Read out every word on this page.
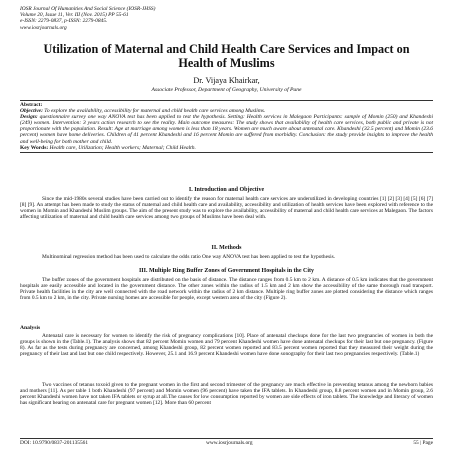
IOSR Journal Of Humanities And Social Science (IOSR-JHSS)
Volume 20, Issue 11, Ver. III (Nov. 2015) PP 55-61
e-ISSN: 2279-0837, p-ISSN: 2279-0845.
www.iosrjournals.org
Utilization of Maternal and Child Health Care Services and Impact on Health of Muslims
Dr. Vijaya Khairkar,
Associate Professor, Department of Geography, University of Pune

Abstract:

Objective: To explore the availability, accessibility for maternal and child health care services among Muslims.

Design: questionnaire survey one way ANOVA test has been applied to test the hypothesis. Setting: Health services in Malegaon Participants: sample of Momin (250) and Khandeshi (249) women. Intervention: 3 years action research to see the reality. Main outcome measures: The study shows that availability of health care services, both public and private is not proportionate with the population. Result: Age at marriage among women is less than 18 years. Women are much aware about antenatal care. Khandeshi (32.5 percent) and Momin (23.6 percent) women have home deliveries. Children of 41 percent Khandeshi and 16 percent Momin are suffered from morbidity. Conclusion: the study provide insights to improve the health and well-being for both mother and child.

Key Words: Health care, Utilization; Health workers; Maternal; Child Health.

I. Introduction and Objective

Since the mid-1980s several studies have been carried out to identify the reason for maternal health care services are underutilized in developing countries [1] [2] [3] [4] [5] [6] [7] [8] [9]. An attempt has been made to study the status of maternal and child health care and availability, accessibility and utilization of health services have been explored with reference to the women in Momin and Khandeshi Muslim groups. The aim of the present study was to explore the availability, accessibility of maternal and child health care services at Malegaon. The factors affecting utilization of maternal and child health care services among two groups of Muslims have been deal with.

II. Methods

Multinominal regression method has been used to calculate the odds ratio One way ANOVA test has been applied to test the hypothesis.

III. Multiple Ring Buffer Zones of Government Hospitals in the City

The buffer zones of the government hospitals are distributed on the basis of distance. The distance ranges from 0.5 km to 2 km. A distance of 0.5 km indicates that the government hospitals are easily accessible and located in the government distance. The other zones within the radius of 1.5 km and 2 km show the accessibility of the same thorough road transport. Private health facilities in the city are well connected with the road network within the radius of 2 km distance. Multiple ring buffer zones are plotted considering the distance which ranges from 0.5 km to 2 km, in the city. Private nursing homes are accessible for people, except western area of the city (Figure 2).

Analysis

Antenatal care is necessary for women to identify the risk of pregnancy complications [10]. Place of antenatal checkups done for the last two pregnancies of women in both the groups is shown in the (Table.1). The analysis shows that 82 percent Momin women and 79 percent Khandeshi women have done antenatal checkups for their last but one pregnancy. (Figure 8). As far as the tests during pregnancy are concerned, among Khandeshi group, 82 percent women reported and 83.5 percent women reported that they measured their weight during the pregnancy of their last and last but one child respectively. However, 25.1 and 16.9 percent Khandeshi women have done sonography for their last two pregnancies respectively. (Table.1)

Two vaccines of tetanus toxoid given to the pregnant women in the first and second trimester of the pregnancy are much effective in preventing tetanus among the newborn babies and mothers [11]. As per table 1 both Khandeshi (97 percent) and Momin women (96 percent) have taken the IFA tablets. In Khandeshi group, 8.8 percent women and in Momin group, 2.6 percent Khandeshi women have not taken IFA tablets or syrup at all.The causes for low consumption reported by women are side effects of iron tablets. The knowledge and literacy of women has significant bearing on antenatal care for pregnant women [12]. More than 60 percent

DOI: 10.9790/0837-201135561	www.iosrjournals.org	55 | Page
